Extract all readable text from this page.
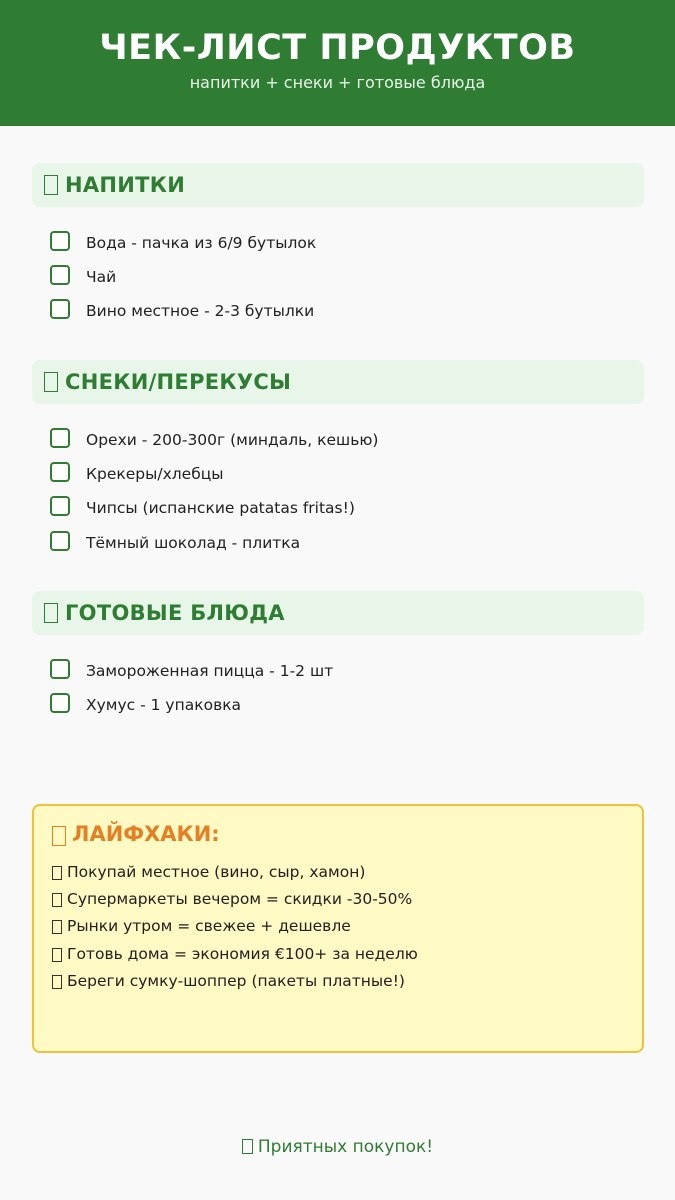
ЧЕК-ЛИСТ ПРОДУКТОВ
напитки + снеки + готовые блюда
НАПИТКИ
Вода - пачка из 6/9 бутылок
Чай
Вино местное - 2-3 бутылки
СНЕКИ/ПЕРЕКУСЫ
Орехи - 200-300г (миндаль, кешью)
Крекеры/хлебцы
Чипсы (испанские patatas fritas!)
Тёмный шоколад - плитка
ГОТОВЫЕ БЛЮДА
Замороженная пицца - 1-2 шт
Хумус - 1 упаковка
ЛАЙФХАКИ:
Покупай местное (вино, сыр, хамон)
Супермаркеты вечером = скидки -30-50%
Рынки утром = свежее + дешевле
Готовь дома = экономия €100+ за неделю
Береги сумку-шоппер (пакеты платные!)
Приятных покупок!
